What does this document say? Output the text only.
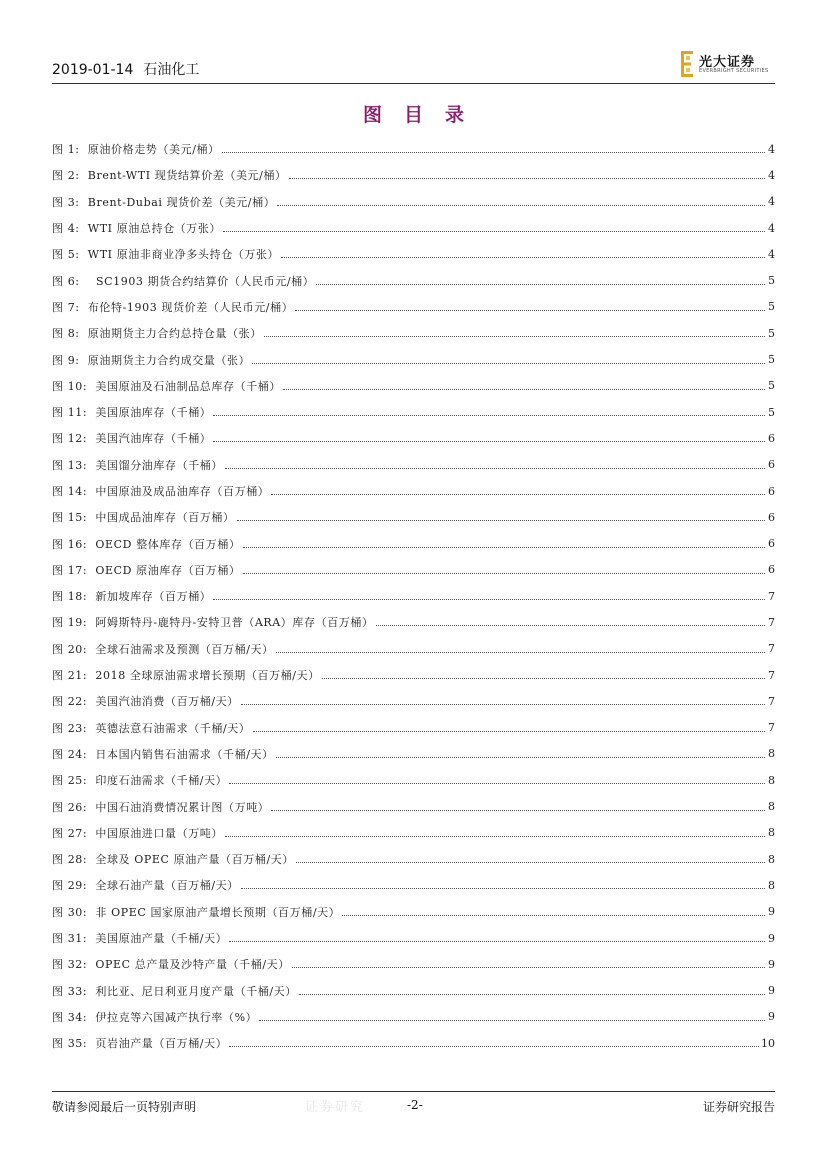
2019-01-14 石油化工	光大证券
EVERBRIGHT SECURITIES
图目录
图 1:  原油价格走势（美元/桶）	4
图 2:  Brent-WTI 现货结算价差（美元/桶）	4
图 3:  Brent-Dubai 现货价差（美元/桶）	4
图 4:  WTI 原油总持仓（万张）	4
图 5:  WTI 原油非商业净多头持仓（万张）	4
图 6:    SC1903 期货合约结算价（人民币元/桶）	5
图 7:  布伦特-1903 现货价差（人民币元/桶）	5
图 8:  原油期货主力合约总持仓量（张）	5
图 9:  原油期货主力合约成交量（张）	5
图 10:  美国原油及石油制品总库存（千桶）	5
图 11:  美国原油库存（千桶）	5
图 12:  美国汽油库存（千桶）	6
图 13:  美国馏分油库存（千桶）	6
图 14:  中国原油及成品油库存（百万桶）	6
图 15:  中国成品油库存（百万桶）	6
图 16:  OECD 整体库存（百万桶）	6
图 17:  OECD 原油库存（百万桶）	6
图 18:  新加坡库存（百万桶）	7
图 19:  阿姆斯特丹-鹿特丹-安特卫普（ARA）库存（百万桶）	7
图 20:  全球石油需求及预测（百万桶/天）	7
图 21:  2018 全球原油需求增长预期（百万桶/天）	7
图 22:  美国汽油消费（百万桶/天）	7
图 23:  英德法意石油需求（千桶/天）	7
图 24:  日本国内销售石油需求（千桶/天）	8
图 25:  印度石油需求（千桶/天）	8
图 26:  中国石油消费情况累计图（万吨）	8
图 27:  中国原油进口量（万吨）	8
图 28:  全球及 OPEC 原油产量（百万桶/天）	8
图 29:  全球石油产量（百万桶/天）	8
图 30:  非 OPEC 国家原油产量增长预期（百万桶/天）	9
图 31:  美国原油产量（千桶/天）	9
图 32:  OPEC 总产量及沙特产量（千桶/天）	9
图 33:  利比亚、尼日利亚月度产量（千桶/天）	9
图 34:  伊拉克等六国减产执行率（%）	9
图 35:  页岩油产量（百万桶/天）	10
敬请参阅最后一页特别声明	证券研究	-2-	证券研究报告
